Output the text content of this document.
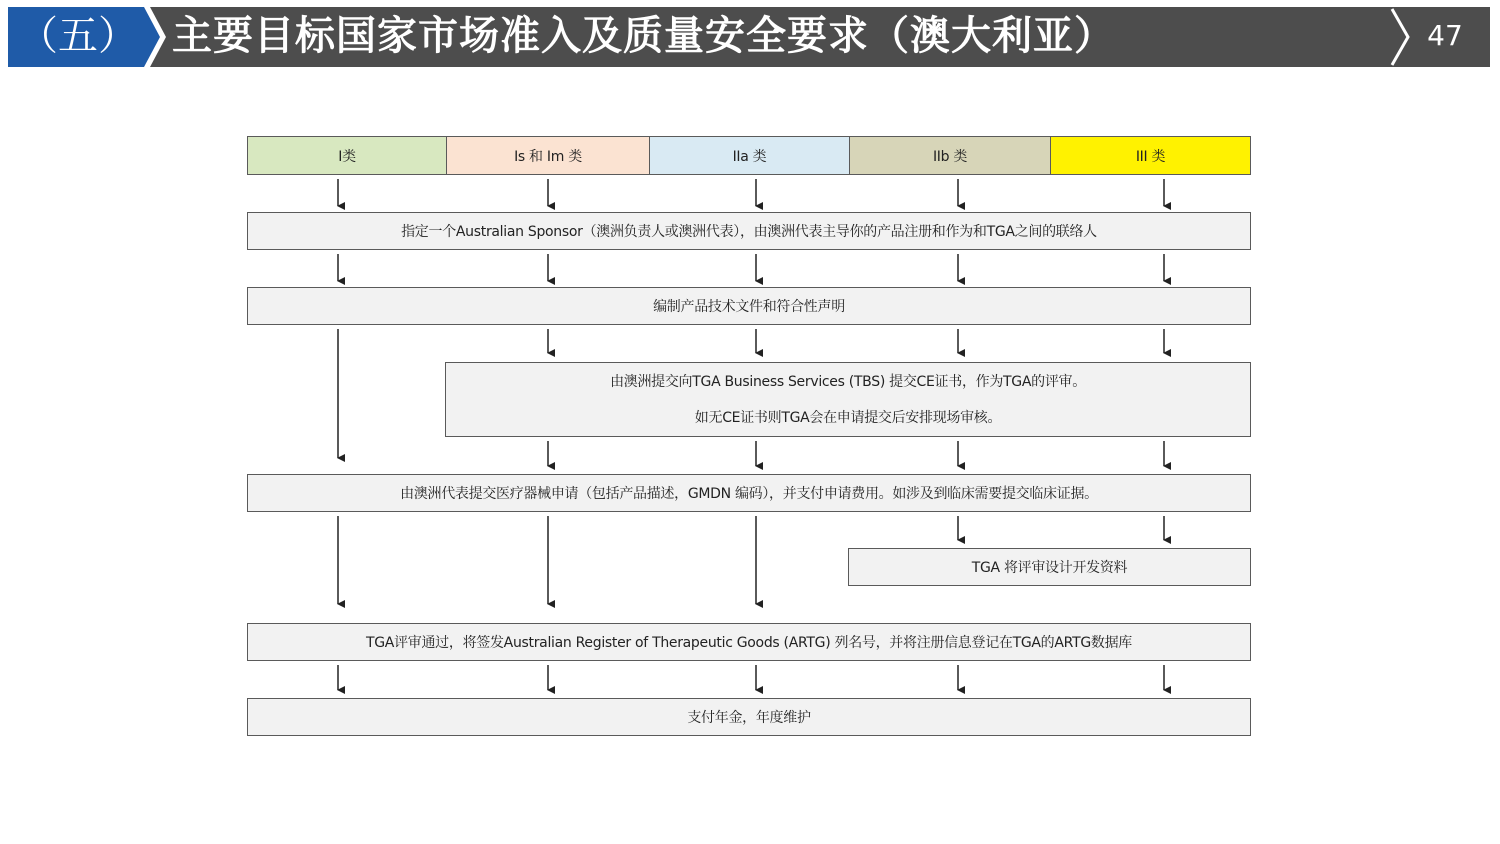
（五） 主要目标国家市场准入及质量安全要求（澳大利亚）	47
I类	Is 和 Im 类	IIa 类	IIb 类	III 类
指定一个Australian Sponsor（澳洲负责人或澳洲代表），由澳洲代表主导你的产品注册和作为和TGA之间的联络人
编制产品技术文件和符合性声明
由澳洲提交向TGA Business Services (TBS) 提交CE证书，作为TGA的评审。
如无CE证书则TGA会在申请提交后安排现场审核。
由澳洲代表提交医疗器械申请（包括产品描述，GMDN 编码），并支付申请费用。如涉及到临床需要提交临床证据。
TGA 将评审设计开发资料
TGA评审通过，将签发Australian Register of Therapeutic Goods (ARTG) 列名号，并将注册信息登记在TGA的ARTG数据库
支付年金，年度维护
